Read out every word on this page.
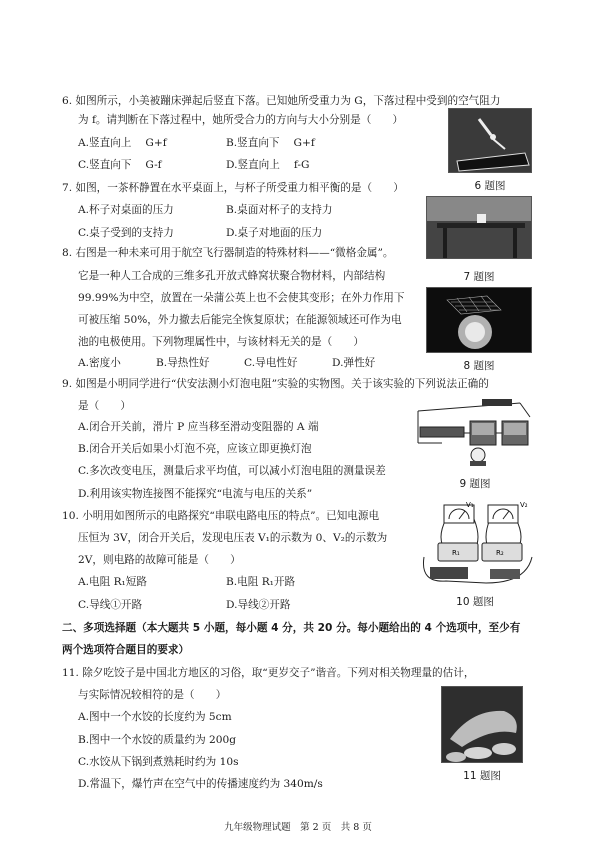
6. 如图所示，小美被蹦床弹起后竖直下落。已知她所受重力为 G，下落过程中受到的空气阻力
为 f。请判断在下落过程中，她所受合力的方向与大小分别是（　　）
A.竖直向上　 G+f	B.竖直向下　 G+f
C.竖直向下　 G-f	D.竖直向上　 f-G
6 题图
7. 如图，一茶杯静置在水平桌面上，与杯子所受重力相平衡的是（　　）
A.杯子对桌面的压力	B.桌面对杯子的支持力
C.桌子受到的支持力	D.桌子对地面的压力
7 题图
8. 右图是一种未来可用于航空飞行器制造的特殊材料——“微格金属”。
它是一种人工合成的三维多孔开放式蜂窝状聚合物材料，内部结构
99.99%为中空，放置在一朵蒲公英上也不会使其变形；在外力作用下
可被压缩 50%，外力撤去后能完全恢复原状；在能源领域还可作为电
池的电极使用。下列物理属性中，与该材料无关的是（　　）
A.密度小	B.导热性好	C.导电性好	D.弹性好	8 题图
9. 如图是小明同学进行“伏安法测小灯泡电阻”实验的实物图。关于该实验的下列说法正确的
是（　　）
A.闭合开关前，滑片 P 应当移至滑动变阻器的 A 端
B.闭合开关后如果小灯泡不亮，应该立即更换灯泡
C.多次改变电压，测量后求平均值，可以减小灯泡电阻的测量误差
D.利用该实物连接图不能探究“电流与电压的关系”
9 题图
10. 小明用如图所示的电路探究“串联电路电压的特点”。已知电源电
压恒为 3V，闭合开关后，发现电压表 V₁的示数为 0、V₂的示数为
2V，则电路的故障可能是（　　）
A.电阻 R₁短路	B.电阻 R₁开路
C.导线①开路	D.导线②开路
V₁	V₂
R₁	R₂
10 题图
二、多项选择题（本大题共 5 小题，每小题 4 分，共 20 分。每小题给出的 4 个选项中，至少有
两个选项符合题目的要求）
11. 除夕吃饺子是中国北方地区的习俗，取“更岁交子”谐音。下列对相关物理量的估计，
与实际情况较相符的是（　　）
A.图中一个水饺的长度约为 5cm
B.图中一个水饺的质量约为 200g
C.水饺从下锅到煮熟耗时约为 10s
D.常温下，爆竹声在空气中的传播速度约为 340m/s
11 题图
九年级物理试题　第 2 页　共 8 页
